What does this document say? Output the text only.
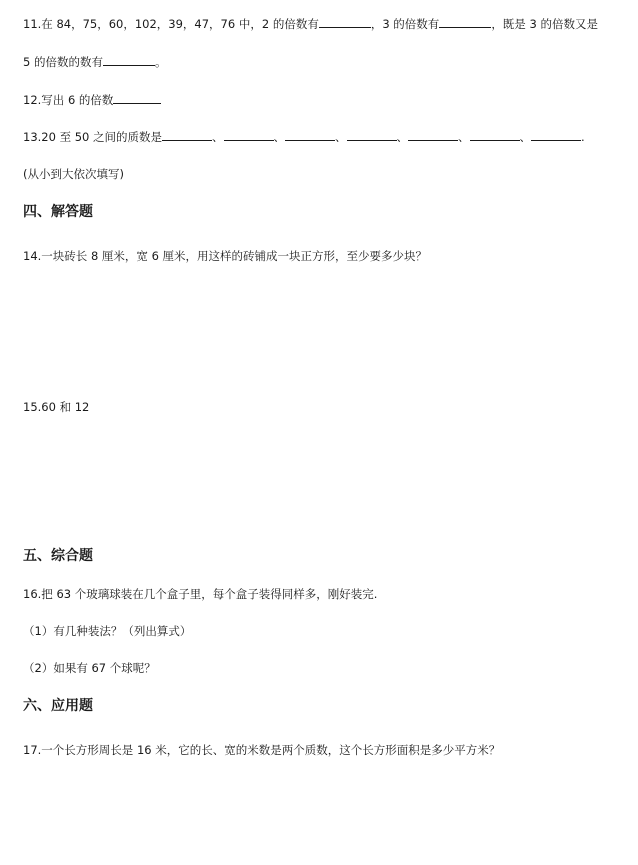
11.在 84，75，60，102，39，47，76 中，2 的倍数有	，3 的倍数有	，既是 3 的倍数又是
5 的倍数的数有	。
12.写出 6 的倍数
13.20 至 50 之间的质数是	、	、	、	、	、	、	.
(从小到大依次填写)
四、解答题
14.一块砖长 8 厘米，宽 6 厘米，用这样的砖铺成一块正方形，至少要多少块？
15.60 和 12
五、综合题
16.把 63 个玻璃球装在几个盒子里，每个盒子装得同样多，刚好装完.
（1）有几种装法？（列出算式）
（2）如果有 67 个球呢？
六、应用题
17.一个长方形周长是 16 米，它的长、宽的米数是两个质数，这个长方形面积是多少平方米？
